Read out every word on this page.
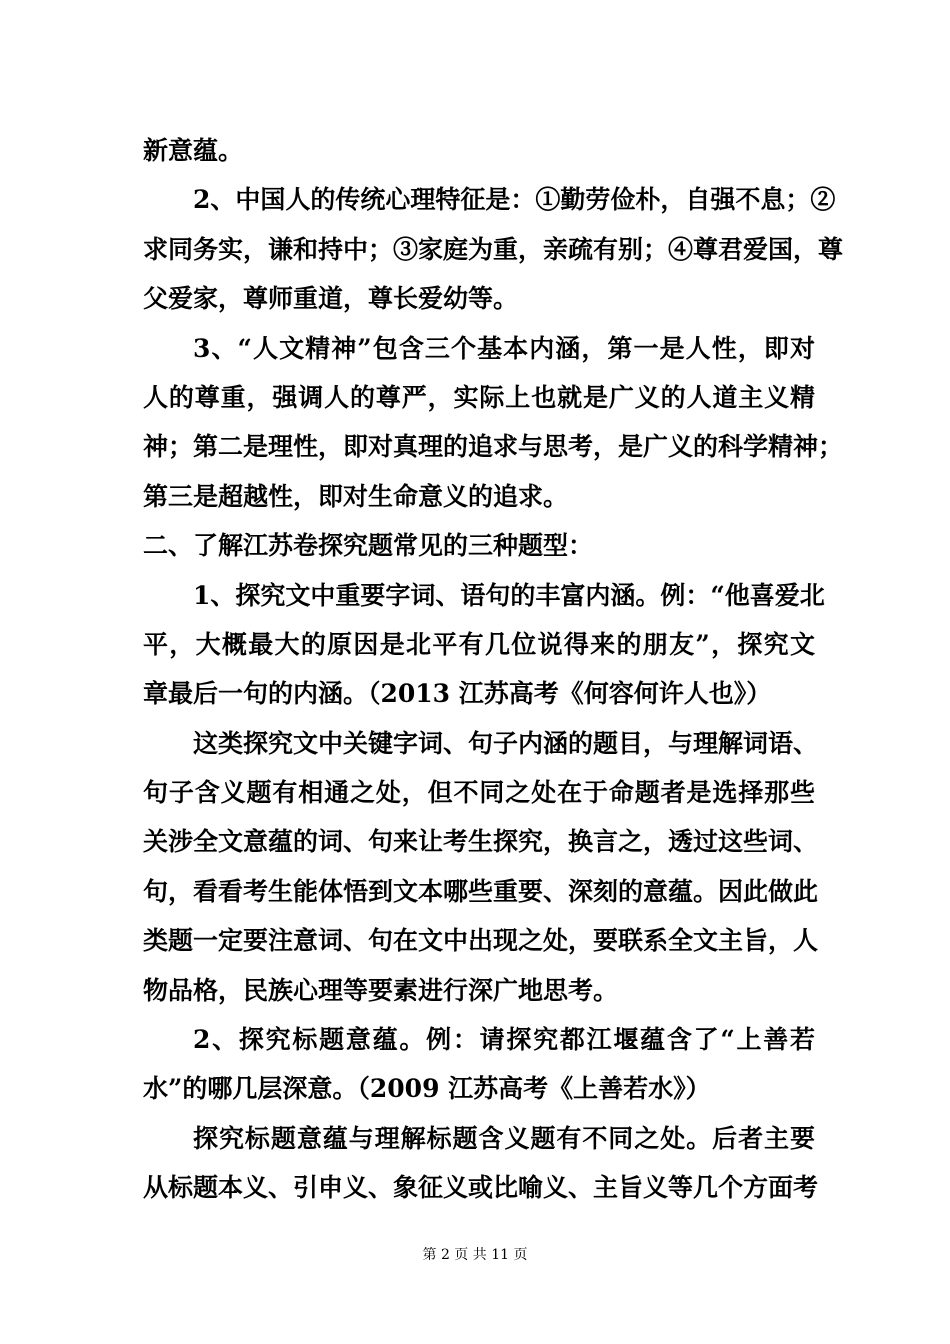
新意蕴。
2、中国人的传统心理特征是：①勤劳俭朴，自强不息；②
求同务实，谦和持中；③家庭为重，亲疏有别；④尊君爱国，尊
父爱家，尊师重道，尊长爱幼等。
3、“人文精神”包含三个基本内涵，第一是人性，即对
人的尊重，强调人的尊严，实际上也就是广义的人道主义精
神；第二是理性，即对真理的追求与思考，是广义的科学精神；
第三是超越性，即对生命意义的追求。
二、了解江苏卷探究题常见的三种题型：
1、探究文中重要字词、语句的丰富内涵。例：“他喜爱北
平，大概最大的原因是北平有几位说得来的朋友”，探究文
章最后一句的内涵。（2013 江苏高考《何容何许人也》）
这类探究文中关键字词、句子内涵的题目，与理解词语、
句子含义题有相通之处，但不同之处在于命题者是选择那些
关涉全文意蕴的词、句来让考生探究，换言之，透过这些词、
句，看看考生能体悟到文本哪些重要、深刻的意蕴。因此做此
类题一定要注意词、句在文中出现之处，要联系全文主旨，人
物品格，民族心理等要素进行深广地思考。
2、探究标题意蕴。例：请探究都江堰蕴含了“上善若
水”的哪几层深意。（2009 江苏高考《上善若水》）
探究标题意蕴与理解标题含义题有不同之处。后者主要
从标题本义、引申义、象征义或比喻义、主旨义等几个方面考
第 2 页 共 11 页
